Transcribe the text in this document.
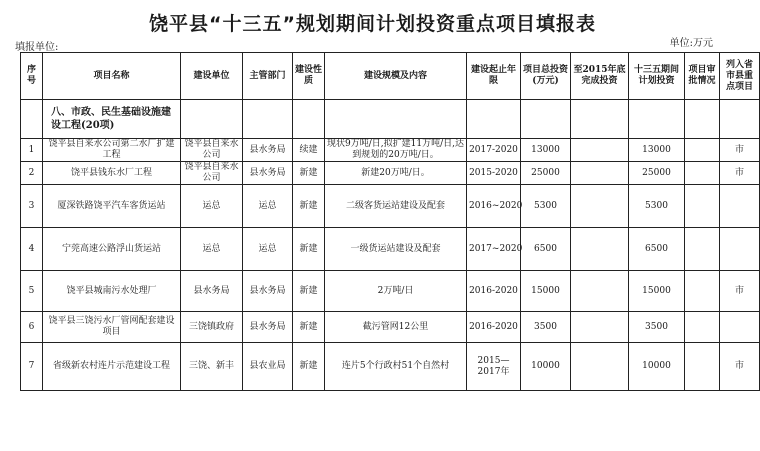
饶平县“十三五”规划期间计划投资重点项目填报表
填报单位:	单位:万元
序号	项目名称	建设单位	主管部门	建设性质	建设规模及内容	建设起止年限	项目总投资(万元)	至2015年底完成投资	十三五期间计划投资	项目审批情况	列入省市县重点项目
	八、市政、民生基础设施建设工程(20项)										
1	饶平县自来水公司第二水厂扩建工程	饶平县自来水公司	县水务局	续建	现状9万吨/日,拟扩建11万吨/日,达到规划的20万吨/日。	2017-2020	13000		13000		市
2	饶平县钱东水厂工程	饶平县自来水公司	县水务局	新建	新建20万吨/日。	2015-2020	25000		25000		市
3	厦深铁路饶平汽车客货运站	运总	运总	新建	二级客货运站建设及配套	2016~2020	5300		5300		
4	宁莞高速公路浮山货运站	运总	运总	新建	一级货运站建设及配套	2017~2020	6500		6500		
5	饶平县城南污水处理厂	县水务局	县水务局	新建	2万吨/日	2016-2020	15000		15000		市
6	饶平县三饶污水厂管网配套建设项目	三饶镇政府	县水务局	新建	截污管网12公里	2016-2020	3500		3500		
7	省级新农村连片示范建设工程	三饶、新丰	县农业局	新建	连片5个行政村51个自然村	2015—2017年	10000		10000		市
